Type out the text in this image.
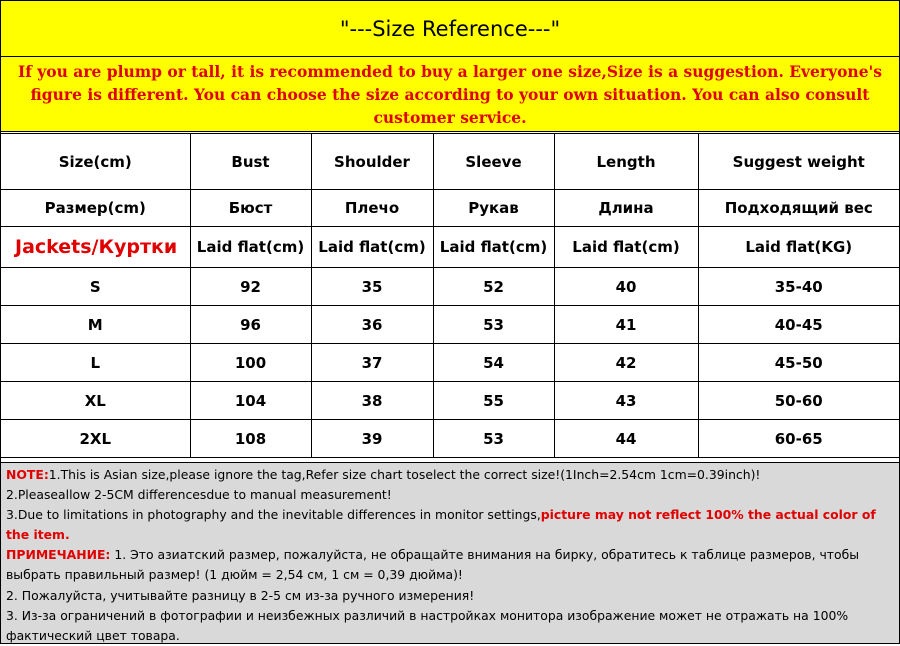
"---Size Reference---"
If you are plump or tall, it is recommended to buy a larger one size,Size is a suggestion. Everyone's figure is different. You can choose the size according to your own situation. You can also consult customer service.
Size(cm)	Bust	Shoulder	Sleeve	Length	Suggest weight
Размер(cm)	Бюст	Плечо	Рукав	Длина	Подходящий вес
Jackets/Куртки	Laid flat(cm)	Laid flat(cm)	Laid flat(cm)	Laid flat(cm)	Laid flat(KG)
S	92	35	52	40	35-40
M	96	36	53	41	40-45
L	100	37	54	42	45-50
XL	104	38	55	43	50-60
2XL	108	39	53	44	60-65

NOTE:1.This is Asian size,please ignore the tag,Refer size chart toselect the correct size!(1Inch=2.54cm 1cm=0.39inch)!

2.Pleaseallow 2-5CM differencesdue to manual measurement!

3.Due to limitations in photography and the inevitable differences in monitor settings,picture may not reflect 100% the actual color of the item.

ПРИМЕЧАНИЕ: 1. Это азиатский размер, пожалуйста, не обращайте внимания на бирку, обратитесь к таблице размеров, чтобы выбрать правильный размер! (1 дюйм = 2,54 см, 1 см = 0,39 дюйма)!

2. Пожалуйста, учитывайте разницу в 2-5 см из-за ручного измерения!

3. Из-за ограничений в фотографии и неизбежных различий в настройках монитора изображение может не отражать на 100% фактический цвет товара.
